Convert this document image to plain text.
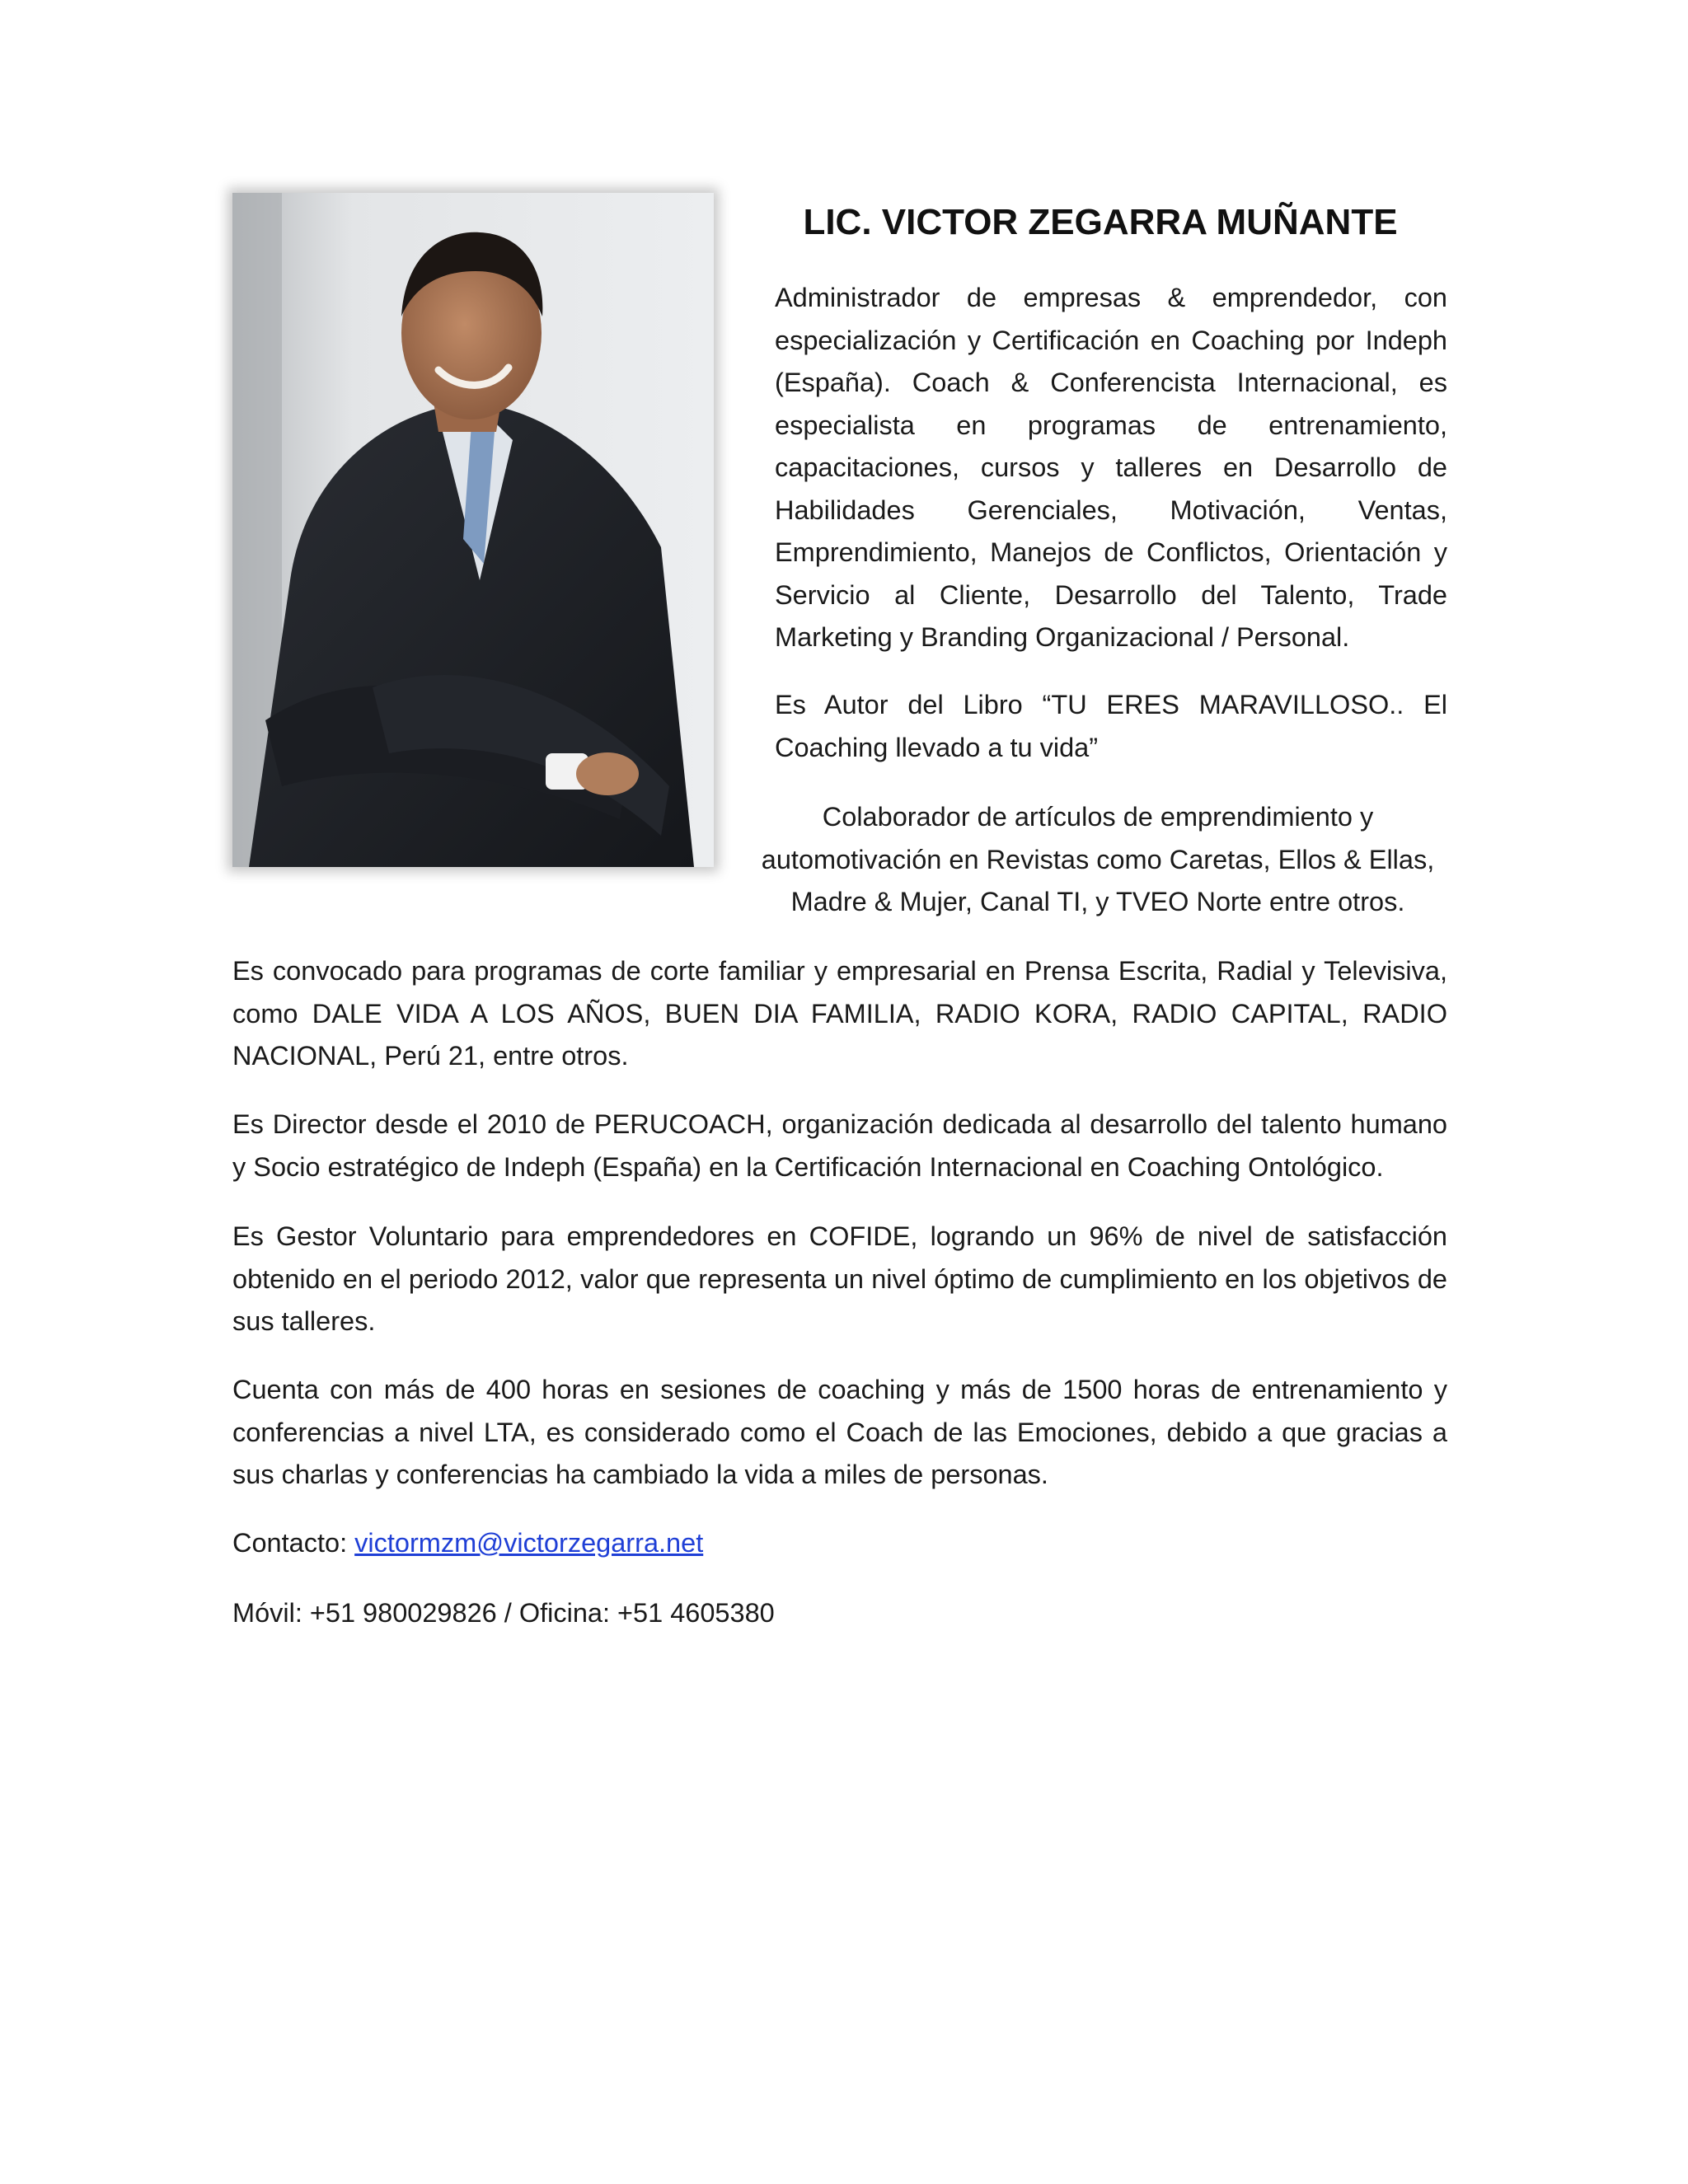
LIC. VICTOR ZEGARRA MUÑANTE

Administrador de empresas & emprendedor, con especialización y Certificación en Coaching por Indeph (España). Coach & Conferencista Internacional, es especialista en programas de entrenamiento, capacitaciones, cursos y talleres en Desarrollo de Habilidades Gerenciales, Motivación, Ventas, Emprendimiento, Manejos de Conflictos, Orientación y Servicio al Cliente, Desarrollo del Talento, Trade Marketing y Branding Organizacional / Personal.

Es Autor del Libro “TU ERES MARAVILLOSO.. El Coaching llevado a tu vida”

Colaborador de artículos de emprendimiento y automotivación en Revistas como Caretas, Ellos & Ellas, Madre & Mujer, Canal TI, y TVEO Norte entre otros.

Es convocado para programas de corte familiar y empresarial en Prensa Escrita, Radial y Televisiva, como DALE VIDA A LOS AÑOS, BUEN DIA FAMILIA, RADIO KORA, RADIO CAPITAL, RADIO NACIONAL, Perú 21, entre otros.

Es Director desde el 2010 de PERUCOACH, organización dedicada al desarrollo del talento humano y Socio estratégico de Indeph (España) en la Certificación Internacional en Coaching Ontológico.

Es Gestor Voluntario para emprendedores en COFIDE, logrando un 96% de nivel de satisfacción obtenido en el periodo 2012, valor que representa un nivel óptimo de cumplimiento en los objetivos de sus talleres.

Cuenta con más de 400 horas en sesiones de coaching y más de 1500 horas de entrenamiento y conferencias a nivel LTA, es considerado como el Coach de las Emociones, debido a que gracias a sus charlas y conferencias ha cambiado la vida a miles de personas.

Contacto: victormzm@victorzegarra.net
Móvil: +51 980029826 / Oficina: +51 4605380
